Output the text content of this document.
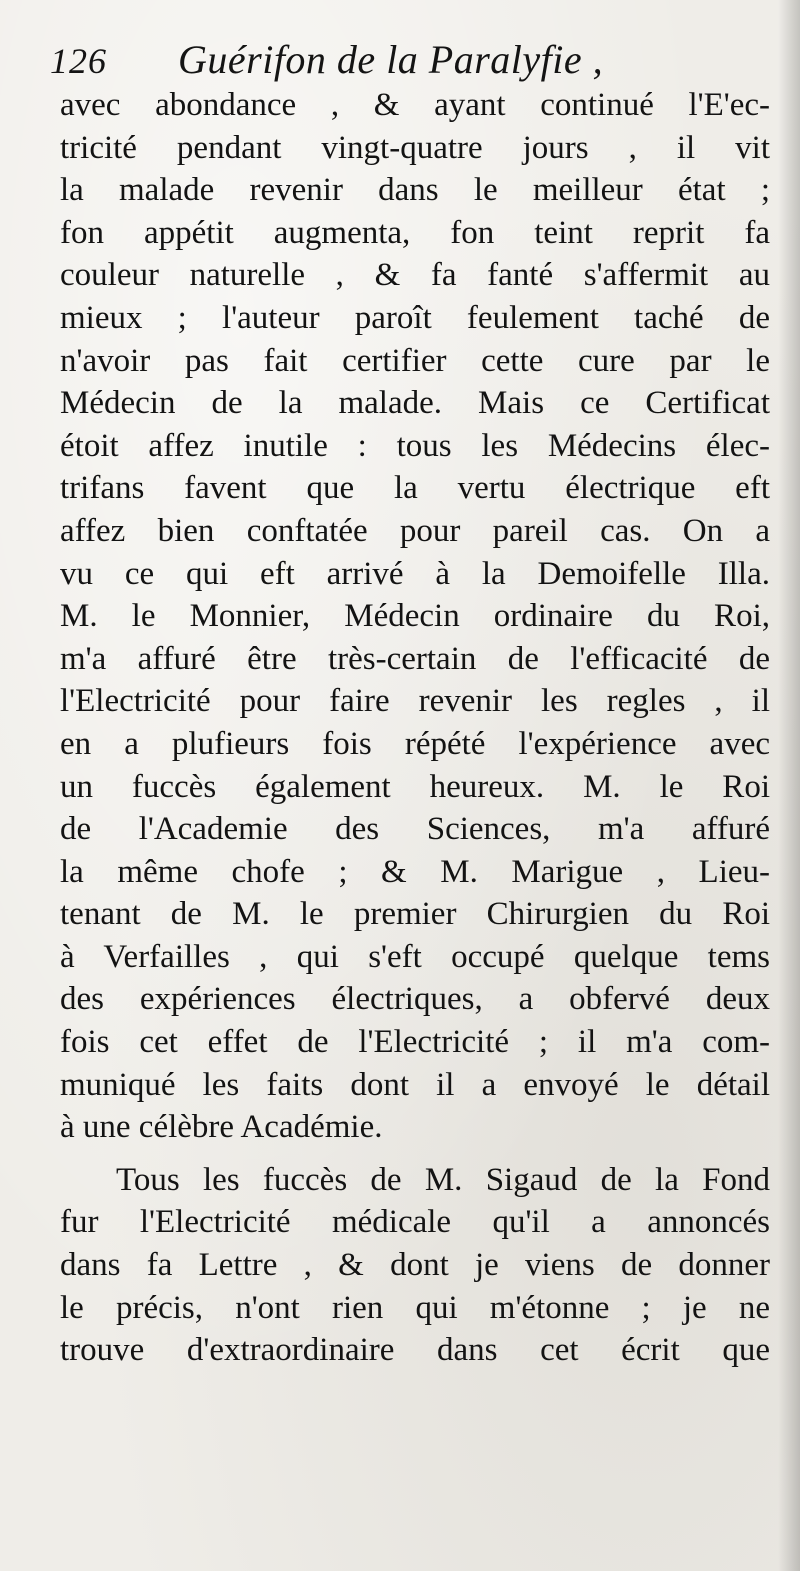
126 Guérifon de la Paralyfie ,
avec abondance , & ayant continué l'E'ec-
tricité pendant vingt-quatre jours , il vit
la malade revenir dans le meilleur état ;
fon appétit augmenta, fon teint reprit fa
couleur naturelle , & fa fanté s'affermit au
mieux ; l'auteur paroît feulement taché de
n'avoir pas fait certifier cette cure par le
Médecin de la malade. Mais ce Certificat
étoit affez inutile : tous les Médecins élec-
trifans favent que la vertu électrique eft
affez bien conftatée pour pareil cas. On a
vu ce qui eft arrivé à la Demoifelle Illa.
M. le Monnier, Médecin ordinaire du Roi,
m'a affuré être très-certain de l'efficacité de
l'Electricité pour faire revenir les regles , il
en a plufieurs fois répété l'expérience avec
un fuccès également heureux. M. le Roi
de l'Academie des Sciences, m'a affuré
la même chofe ; & M. Marigue , Lieu-
tenant de M. le premier Chirurgien du Roi
à Verfailles , qui s'eft occupé quelque tems
des expériences électriques, a obfervé deux
fois cet effet de l'Electricité ; il m'a com-
muniqué les faits dont il a envoyé le détail
à une célèbre Académie.
Tous les fuccès de M. Sigaud de la Fond
fur l'Electricité médicale qu'il a annoncés
dans fa Lettre , & dont je viens de donner
le précis, n'ont rien qui m'étonne ; je ne
trouve d'extraordinaire dans cet écrit que
